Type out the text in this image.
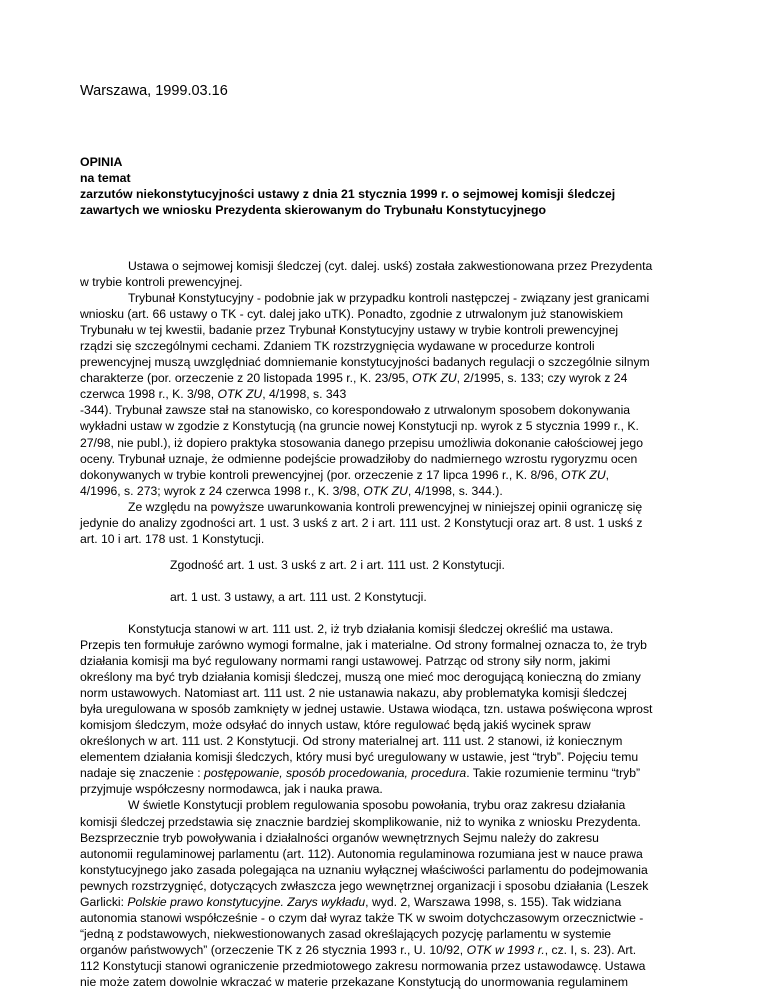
Warszawa, 1999.03.16
OPINIA
na temat
zarzutów niekonstytucyjności ustawy z dnia 21 stycznia 1999 r. o sejmowej komisji śledczej
zawartych we wniosku Prezydenta skierowanym do Trybunału Konstytucyjnego
Ustawa o sejmowej komisji śledczej (cyt. dalej. uskś) została zakwestionowana przez Prezydenta
w trybie kontroli prewencyjnej.
Trybunał Konstytucyjny - podobnie jak w przypadku kontroli następczej - związany jest granicami
wniosku (art. 66 ustawy o TK - cyt. dalej jako uTK). Ponadto, zgodnie z utrwalonym już stanowiskiem
Trybunału w tej kwestii, badanie przez Trybunał Konstytucyjny ustawy w trybie kontroli prewencyjnej
rządzi się szczególnymi cechami. Zdaniem TK rozstrzygnięcia wydawane w procedurze kontroli
prewencyjnej muszą uwzględniać domniemanie konstytucyjności badanych regulacji o szczególnie silnym
charakterze (por. orzeczenie z 20 listopada 1995 r., K. 23/95, OTK ZU, 2/1995, s. 133; czy wyrok z 24
czerwca 1998 r., K. 3/98, OTK ZU, 4/1998, s. 343
-344). Trybunał zawsze stał na stanowisko, co korespondowało z utrwalonym sposobem dokonywania
wykładni ustaw w zgodzie z Konstytucją (na gruncie nowej Konstytucji np. wyrok z 5 stycznia 1999 r., K.
27/98, nie publ.), iż dopiero praktyka stosowania danego przepisu umożliwia dokonanie całościowej jego
oceny. Trybunał uznaje, że odmienne podejście prowadziłoby do nadmiernego wzrostu rygoryzmu ocen
dokonywanych w trybie kontroli prewencyjnej (por. orzeczenie z 17 lipca 1996 r., K. 8/96, OTK ZU,
4/1996, s. 273; wyrok z 24 czerwca 1998 r., K. 3/98, OTK ZU, 4/1998, s. 344.).
Ze względu na powyższe uwarunkowania kontroli prewencyjnej w niniejszej opinii ograniczę się
jedynie do analizy zgodności art. 1 ust. 3 uskś z art. 2 i art. 111 ust. 2 Konstytucji oraz art. 8 ust. 1 uskś z
art. 10 i art. 178 ust. 1 Konstytucji.
Zgodność art. 1 ust. 3 uskś z art. 2 i art. 111 ust. 2 Konstytucji.
art. 1 ust. 3 ustawy, a art. 111 ust. 2 Konstytucji.
Konstytucja stanowi w art. 111 ust. 2, iż tryb działania komisji śledczej określić ma ustawa.
Przepis ten formułuje zarówno wymogi formalne, jak i materialne. Od strony formalnej oznacza to, że tryb
działania komisji ma być regulowany normami rangi ustawowej. Patrząc od strony siły norm, jakimi
określony ma być tryb działania komisji śledczej, muszą one mieć moc derogującą konieczną do zmiany
norm ustawowych. Natomiast art. 111 ust. 2 nie ustanawia nakazu, aby problematyka komisji śledczej
była uregulowana w sposób zamknięty w jednej ustawie. Ustawa wiodąca, tzn. ustawa poświęcona wprost
komisjom śledczym, może odsyłać do innych ustaw, które regulować będą jakiś wycinek spraw
określonych w art. 111 ust. 2 Konstytucji. Od strony materialnej art. 111 ust. 2 stanowi, iż koniecznym
elementem działania komisji śledczych, który musi być uregulowany w ustawie, jest “tryb”. Pojęciu temu
nadaje się znaczenie : postępowanie, sposób procedowania, procedura. Takie rozumienie terminu “tryb”
przyjmuje współczesny normodawca, jak i nauka prawa.
W świetle Konstytucji problem regulowania sposobu powołania, trybu oraz zakresu działania
komisji śledczej przedstawia się znacznie bardziej skomplikowanie, niż to wynika z wniosku Prezydenta.
Bezsprzecznie tryb powoływania i działalności organów wewnętrznych Sejmu należy do zakresu
autonomii regulaminowej parlamentu (art. 112). Autonomia regulaminowa rozumiana jest w nauce prawa
konstytucyjnego jako zasada polegająca na uznaniu wyłącznej właściwości parlamentu do podejmowania
pewnych rozstrzygnięć, dotyczących zwłaszcza jego wewnętrznej organizacji i sposobu działania (Leszek
Garlicki: Polskie prawo konstytucyjne. Zarys wykładu, wyd. 2, Warszawa 1998, s. 155). Tak widziana
autonomia stanowi współcześnie - o czym dał wyraz także TK w swoim dotychczasowym orzecznictwie -
“jedną z podstawowych, niekwestionowanych zasad określających pozycję parlamentu w systemie
organów państwowych” (orzeczenie TK z 26 stycznia 1993 r., U. 10/92, OTK w 1993 r., cz. I, s. 23). Art.
112 Konstytucji stanowi ograniczenie przedmiotowego zakresu normowania przez ustawodawcę. Ustawa
nie może zatem dowolnie wkraczać w materie przekazane Konstytucją do unormowania regulaminem
